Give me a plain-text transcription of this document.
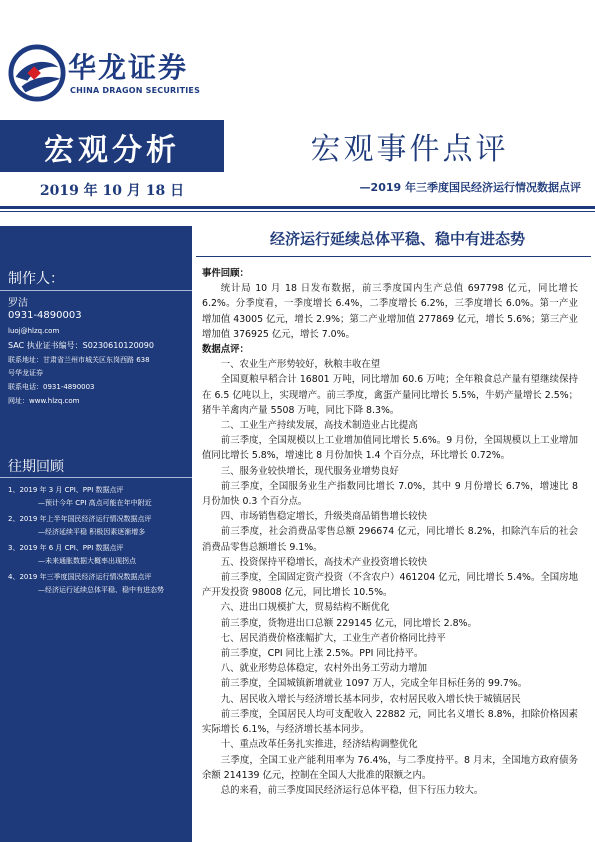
华龙证券
CHINA DRAGON SECURITIES
宏观分析	宏观事件点评
2019 年 10 月 18 日	—2019 年三季度国民经济运行情况数据点评
制作人：
罗洁
0931-4890003
luoj@hlzq.com
SAC 执业证书编号：S0230610120090
联系地址：甘肃省兰州市城关区东岗西路 638
号华龙证券
联系电话：0931-4890003
网址：www.hlzq.com
往期回顾
1、2019 年 3 月 CPI、PPI 数据点评
—预计今年 CPI 高点可能在年中附近
2、2019 年上半年国民经济运行情况数据点评
—经济延续平稳 积极因素逐渐增多
3、2019 年 6 月 CPI、PPI 数据点评
—未来通胀数据大概率出现拐点
4、2019 年三季度国民经济运行情况数据点评
—经济运行延续总体平稳、稳中有进态势
经济运行延续总体平稳、稳中有进态势

事件回顾：

统计局 10 月 18 日发布数据，前三季度国内生产总值 697798 亿元，同比增长 6.2%。分季度看，一季度增长 6.4%，二季度增长 6.2%，三季度增长 6.0%。第一产业增加值 43005 亿元，增长 2.9%；第二产业增加值 277869 亿元，增长 5.6%；第三产业增加值 376925 亿元，增长 7.0%。

数据点评：

一、农业生产形势较好，秋粮丰收在望

全国夏粮早稻合计 16801 万吨，同比增加 60.6 万吨；全年粮食总产量有望继续保持在 6.5 亿吨以上，实现增产。前三季度，禽蛋产量同比增长 5.5%，牛奶产量增长 2.5%；猪牛羊禽肉产量 5508 万吨，同比下降 8.3%。

二、工业生产持续发展，高技术制造业占比提高

前三季度，全国规模以上工业增加值同比增长 5.6%。9 月份，全国规模以上工业增加值同比增长 5.8%，增速比 8 月份加快 1.4 个百分点，环比增长 0.72%。

三、服务业较快增长，现代服务业增势良好

前三季度，全国服务业生产指数同比增长 7.0%，其中 9 月份增长 6.7%，增速比 8 月份加快 0.3 个百分点。

四、市场销售稳定增长，升级类商品销售增长较快

前三季度，社会消费品零售总额 296674 亿元，同比增长 8.2%，扣除汽车后的社会消费品零售总额增长 9.1%。

五、投资保持平稳增长，高技术产业投资增长较快

前三季度，全国固定资产投资（不含农户）461204 亿元，同比增长 5.4%。全国房地产开发投资 98008 亿元，同比增长 10.5%。

六、进出口规模扩大，贸易结构不断优化

前三季度，货物进出口总额 229145 亿元，同比增长 2.8%。

七、居民消费价格涨幅扩大，工业生产者价格同比持平

前三季度，CPI 同比上涨 2.5%。PPI 同比持平。

八、就业形势总体稳定，农村外出务工劳动力增加

前三季度，全国城镇新增就业 1097 万人，完成全年目标任务的 99.7%。

九、居民收入增长与经济增长基本同步，农村居民收入增长快于城镇居民

前三季度，全国居民人均可支配收入 22882 元，同比名义增长 8.8%，扣除价格因素实际增长 6.1%，与经济增长基本同步。

十、重点改革任务扎实推进，经济结构调整优化

三季度，全国工业产能利用率为 76.4%，与二季度持平。8 月末，全国地方政府债务余额 214139 亿元，控制在全国人大批准的限额之内。

总的来看，前三季度国民经济运行总体平稳，但下行压力较大。
